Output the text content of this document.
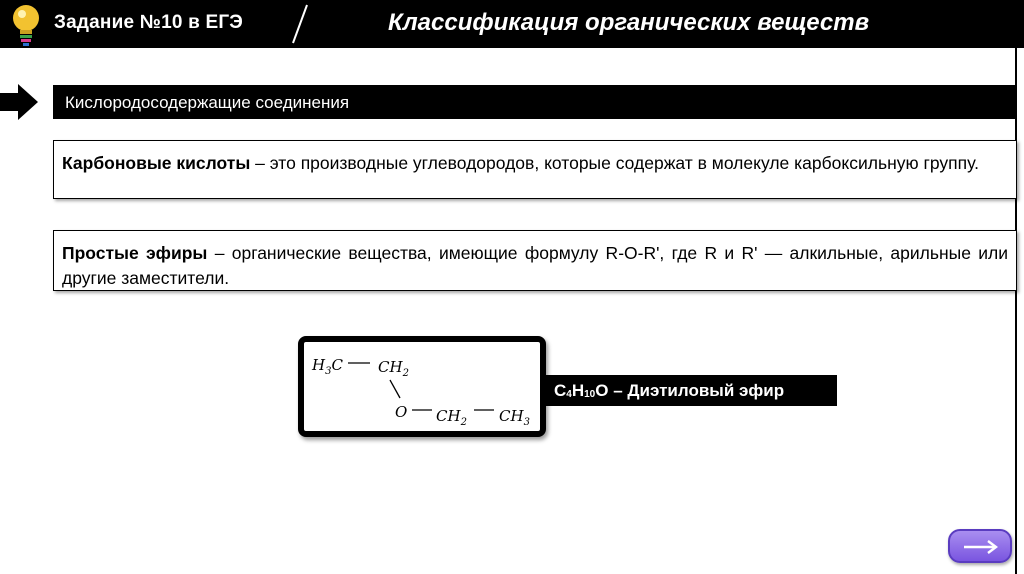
Задание №10 в ЕГЭ	Классификация органических веществ
Кислородосодержащие соединения
Карбоновые кислоты – это производные углеводородов, которые содержат в молекуле карбоксильную группу.
Простые эфиры – органические вещества, имеющие формулу R-O-R', где R и R' — алкильные, арильные или другие заместители.
$H_3C$ $CH_2$
O $CH_2$ $CH_3$
$C_4H_{10}O$ – Диэтиловый эфир
